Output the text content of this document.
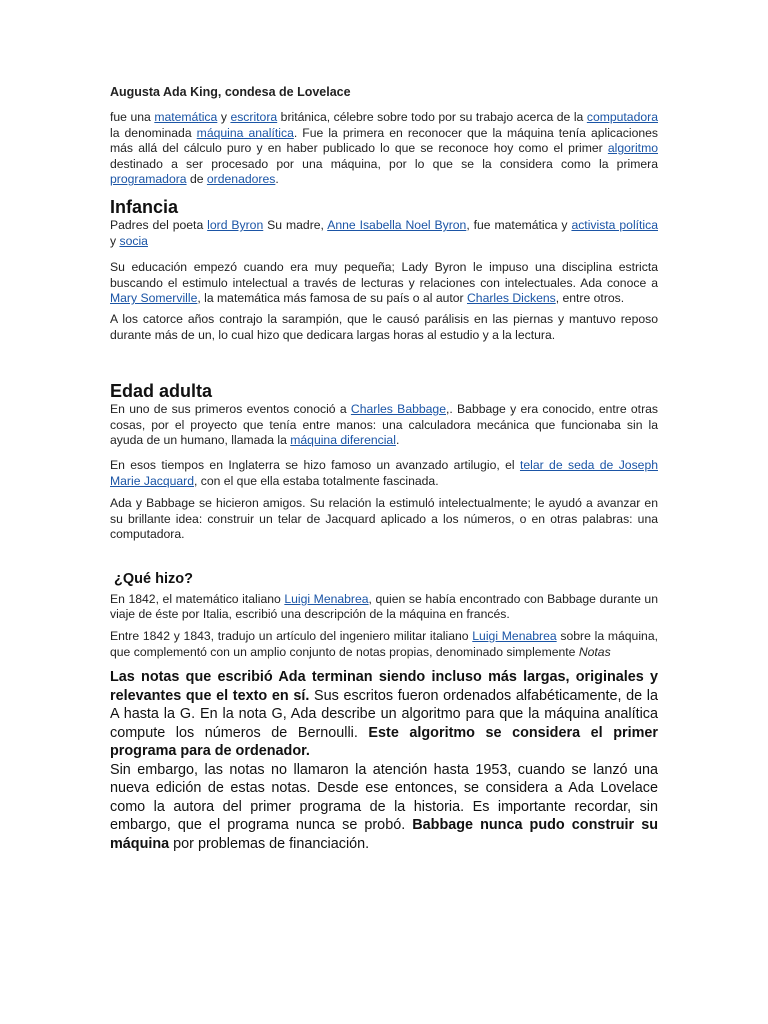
Augusta Ada King, condesa de Lovelace

fue una matemática y escritora británica, célebre sobre todo por su trabajo acerca de la computadora la denominada máquina analítica. Fue la primera en reconocer que la máquina tenía aplicaciones más allá del cálculo puro y en haber publicado lo que se reconoce hoy como el primer algoritmo destinado a ser procesado por una máquina, por lo que se la considera como la primera programadora de ordenadores.

Infancia

Padres del poeta lord Byron Su madre, Anne Isabella Noel Byron, fue matemática y activista política y socia

Su educación empezó cuando era muy pequeña; Lady Byron le impuso una disciplina estricta buscando el estimulo intelectual a través de lecturas y relaciones con intelectuales. Ada conoce a Mary Somerville, la matemática más famosa de su país o al autor Charles Dickens, entre otros.

A los catorce años contrajo la sarampión, que le causó parálisis en las piernas y mantuvo reposo durante más de un, lo cual hizo que dedicara largas horas al estudio y a la lectura.

Edad adulta

En uno de sus primeros eventos conoció a Charles Babbage,. Babbage y era conocido, entre otras cosas, por el proyecto que tenía entre manos: una calculadora mecánica que funcionaba sin la ayuda de un humano, llamada la máquina diferencial.

En esos tiempos en Inglaterra se hizo famoso un avanzado artilugio, el telar de seda de Joseph Marie Jacquard, con el que ella estaba totalmente fascinada.

Ada y Babbage se hicieron amigos. Su relación la estimuló intelectualmente; le ayudó a avanzar en su brillante idea: construir un telar de Jacquard aplicado a los números, o en otras palabras: una computadora.

¿Qué hizo?

En 1842, el matemático italiano Luigi Menabrea, quien se había encontrado con Babbage durante un viaje de éste por Italia, escribió una descripción de la máquina en francés.

Entre 1842 y 1843, tradujo un artículo del ingeniero militar italiano Luigi Menabrea sobre la máquina, que complementó con un amplio conjunto de notas propias, denominado simplemente Notas

Las notas que escribió Ada terminan siendo incluso más largas, originales y relevantes que el texto en sí. Sus escritos fueron ordenados alfabéticamente, de la A hasta la G. En la nota G, Ada describe un algoritmo para que la máquina analítica compute los números de Bernoulli. Este algoritmo se considera el primer programa para de ordenador.

Sin embargo, las notas no llamaron la atención hasta 1953, cuando se lanzó una nueva edición de estas notas. Desde ese entonces, se considera a Ada Lovelace como la autora del primer programa de la historia. Es importante recordar, sin embargo, que el programa nunca se probó. Babbage nunca pudo construir su máquina por problemas de financiación.
